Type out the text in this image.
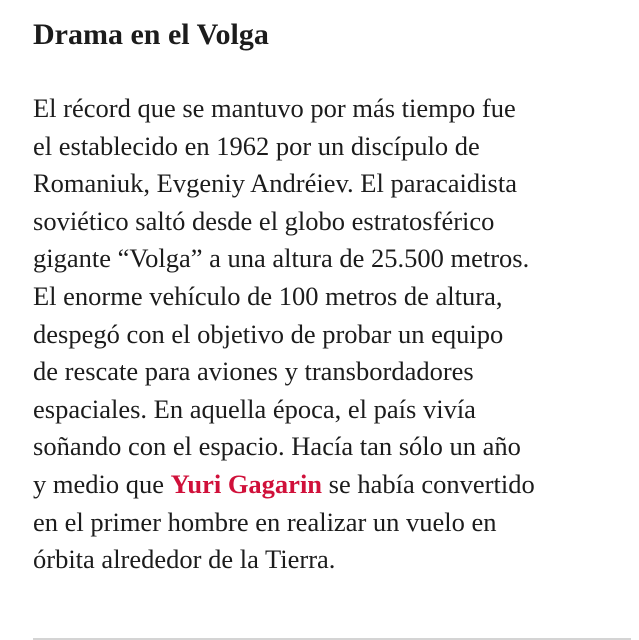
Drama en el Volga

El récord que se mantuvo por más tiempo fue
el establecido en 1962 por un discípulo de
Romaniuk, Evgeniy Andréiev. El paracaidista
soviético saltó desde el globo estratosférico
gigante “Volga” a una altura de 25.500 metros.
El enorme vehículo de 100 metros de altura,
despegó con el objetivo de probar un equipo
de rescate para aviones y transbordadores
espaciales. En aquella época, el país vivía
soñando con el espacio. Hacía tan sólo un año
y medio que Yuri Gagarin se había convertido
en el primer hombre en realizar un vuelo en
órbita alrededor de la Tierra.
